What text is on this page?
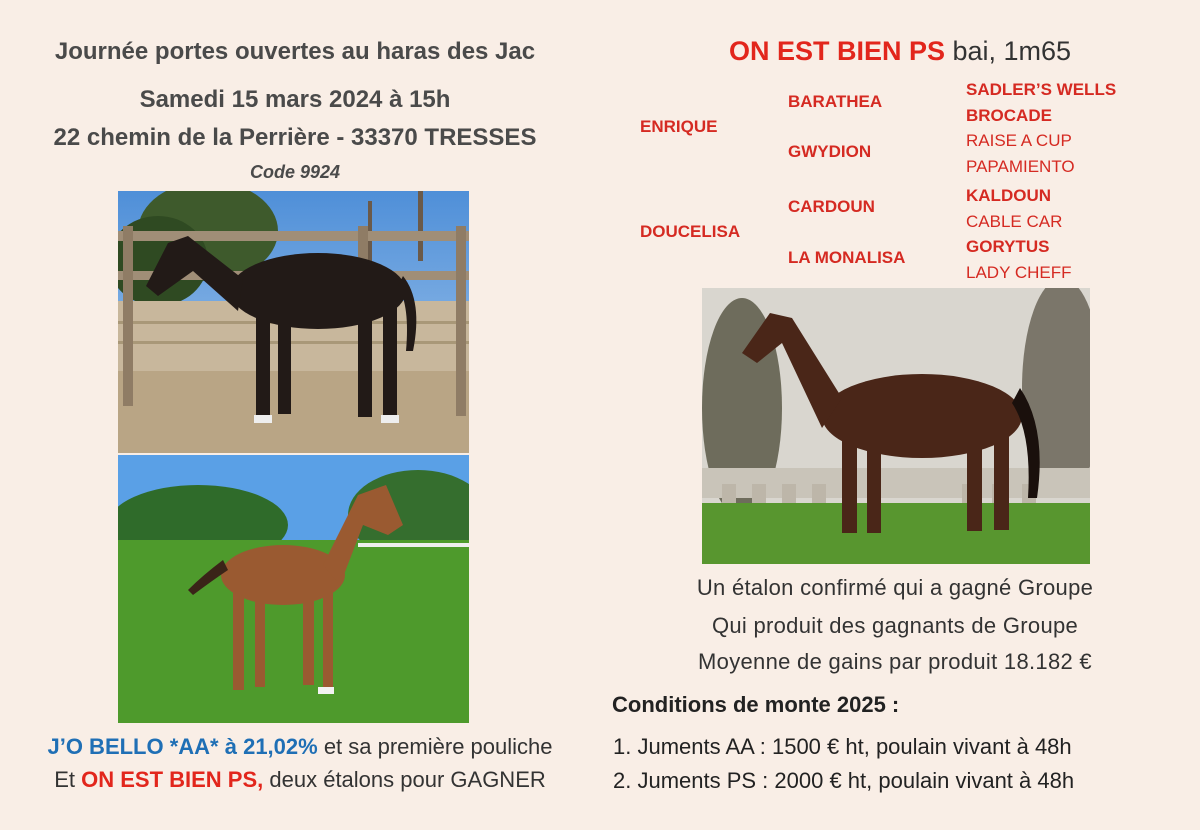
Journée portes ouvertes au haras des Jac
Samedi 15 mars 2024 à 15h
22 chemin de la Perrière - 33370 TRESSES
Code 9924
J’O BELLO *AA* à 21,02% et sa première pouliche
Et ON EST BIEN PS, deux étalons pour GAGNER
ON EST BIEN PS bai, 1m65
ENRIQUE
DOUCELISA
BARATHEA
GWYDION
CARDOUN
LA MONALISA
SADLER’S WELLS
BROCADE
RAISE A CUP
PAPAMIENTO
KALDOUN
CABLE CAR
GORYTUS
LADY CHEFF
Un étalon confirmé qui a gagné Groupe
Qui produit des gagnants de Groupe
Moyenne de gains par produit 18.182 €
Conditions de monte 2025 :
1. Juments AA : 1500 € ht, poulain vivant à 48h
2. Juments PS : 2000 € ht, poulain vivant à 48h
